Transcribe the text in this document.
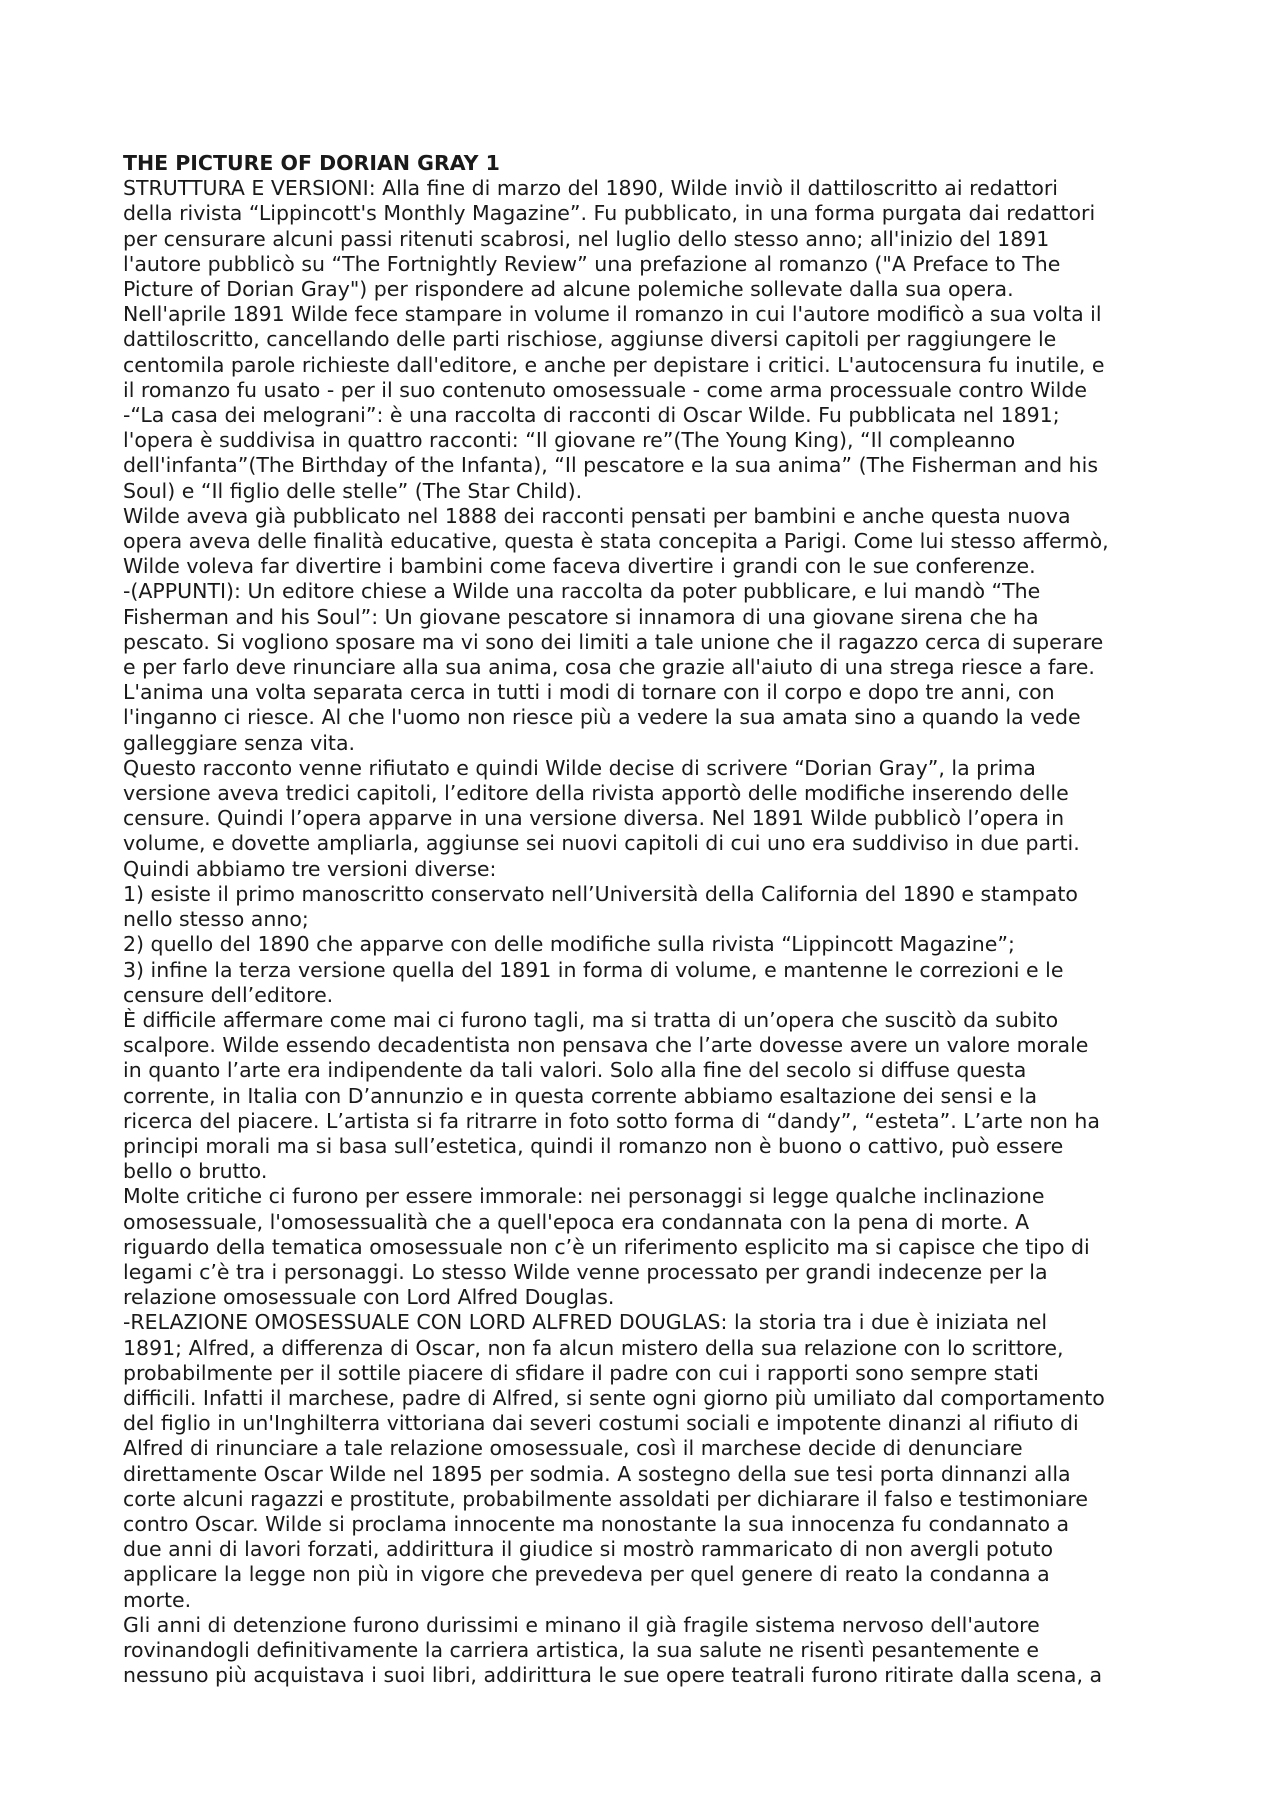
THE PICTURE OF DORIAN GRAY 1
STRUTTURA E VERSIONI: Alla fine di marzo del 1890, Wilde inviò il dattiloscritto ai redattori
della rivista “Lippincott's Monthly Magazine”. Fu pubblicato, in una forma purgata dai redattori
per censurare alcuni passi ritenuti scabrosi, nel luglio dello stesso anno; all'inizio del 1891
l'autore pubblicò su “The Fortnightly Review” una prefazione al romanzo ("A Preface to The
Picture of Dorian Gray") per rispondere ad alcune polemiche sollevate dalla sua opera.
Nell'aprile 1891 Wilde fece stampare in volume il romanzo in cui l'autore modificò a sua volta il
dattiloscritto, cancellando delle parti rischiose, aggiunse diversi capitoli per raggiungere le
centomila parole richieste dall'editore, e anche per depistare i critici. L'autocensura fu inutile, e
il romanzo fu usato - per il suo contenuto omosessuale - come arma processuale contro Wilde
-“La casa dei melograni”: è una raccolta di racconti di Oscar Wilde. Fu pubblicata nel 1891;
l'opera è suddivisa in quattro racconti: “Il giovane re”(The Young King), “Il compleanno
dell'infanta”(The Birthday of the Infanta), “Il pescatore e la sua anima” (The Fisherman and his
Soul) e “Il figlio delle stelle” (The Star Child).
Wilde aveva già pubblicato nel 1888 dei racconti pensati per bambini e anche questa nuova
opera aveva delle finalità educative, questa è stata concepita a Parigi. Come lui stesso affermò,
Wilde voleva far divertire i bambini come faceva divertire i grandi con le sue conferenze.
-(APPUNTI): Un editore chiese a Wilde una raccolta da poter pubblicare, e lui mandò “The
Fisherman and his Soul”: Un giovane pescatore si innamora di una giovane sirena che ha
pescato. Si vogliono sposare ma vi sono dei limiti a tale unione che il ragazzo cerca di superare
e per farlo deve rinunciare alla sua anima, cosa che grazie all'aiuto di una strega riesce a fare.
L'anima una volta separata cerca in tutti i modi di tornare con il corpo e dopo tre anni, con
l'inganno ci riesce. Al che l'uomo non riesce più a vedere la sua amata sino a quando la vede
galleggiare senza vita.
Questo racconto venne rifiutato e quindi Wilde decise di scrivere “Dorian Gray”, la prima
versione aveva tredici capitoli, l’editore della rivista apportò delle modifiche inserendo delle
censure. Quindi l’opera apparve in una versione diversa. Nel 1891 Wilde pubblicò l’opera in
volume, e dovette ampliarla, aggiunse sei nuovi capitoli di cui uno era suddiviso in due parti.
Quindi abbiamo tre versioni diverse:
1) esiste il primo manoscritto conservato nell’Università della California del 1890 e stampato
nello stesso anno;
2) quello del 1890 che apparve con delle modifiche sulla rivista “Lippincott Magazine”;
3) infine la terza versione quella del 1891 in forma di volume, e mantenne le correzioni e le
censure dell’editore.
È difficile affermare come mai ci furono tagli, ma si tratta di un’opera che suscitò da subito
scalpore. Wilde essendo decadentista non pensava che l’arte dovesse avere un valore morale
in quanto l’arte era indipendente da tali valori. Solo alla fine del secolo si diffuse questa
corrente, in Italia con D’annunzio e in questa corrente abbiamo esaltazione dei sensi e la
ricerca del piacere. L’artista si fa ritrarre in foto sotto forma di “dandy”, “esteta”. L’arte non ha
principi morali ma si basa sull’estetica, quindi il romanzo non è buono o cattivo, può essere
bello o brutto.
Molte critiche ci furono per essere immorale: nei personaggi si legge qualche inclinazione
omosessuale, l'omosessualità che a quell'epoca era condannata con la pena di morte. A
riguardo della tematica omosessuale non c’è un riferimento esplicito ma si capisce che tipo di
legami c’è tra i personaggi. Lo stesso Wilde venne processato per grandi indecenze per la
relazione omosessuale con Lord Alfred Douglas.
-RELAZIONE OMOSESSUALE CON LORD ALFRED DOUGLAS: la storia tra i due è iniziata nel
1891; Alfred, a differenza di Oscar, non fa alcun mistero della sua relazione con lo scrittore,
probabilmente per il sottile piacere di sfidare il padre con cui i rapporti sono sempre stati
difficili. Infatti il marchese, padre di Alfred, si sente ogni giorno più umiliato dal comportamento
del figlio in un'Inghilterra vittoriana dai severi costumi sociali e impotente dinanzi al rifiuto di
Alfred di rinunciare a tale relazione omosessuale, così il marchese decide di denunciare
direttamente Oscar Wilde nel 1895 per sodmia. A sostegno della sue tesi porta dinnanzi alla
corte alcuni ragazzi e prostitute, probabilmente assoldati per dichiarare il falso e testimoniare
contro Oscar. Wilde si proclama innocente ma nonostante la sua innocenza fu condannato a
due anni di lavori forzati, addirittura il giudice si mostrò rammaricato di non avergli potuto
applicare la legge non più in vigore che prevedeva per quel genere di reato la condanna a
morte.
Gli anni di detenzione furono durissimi e minano il già fragile sistema nervoso dell'autore
rovinandogli definitivamente la carriera artistica, la sua salute ne risentì pesantemente e
nessuno più acquistava i suoi libri, addirittura le sue opere teatrali furono ritirate dalla scena, a
